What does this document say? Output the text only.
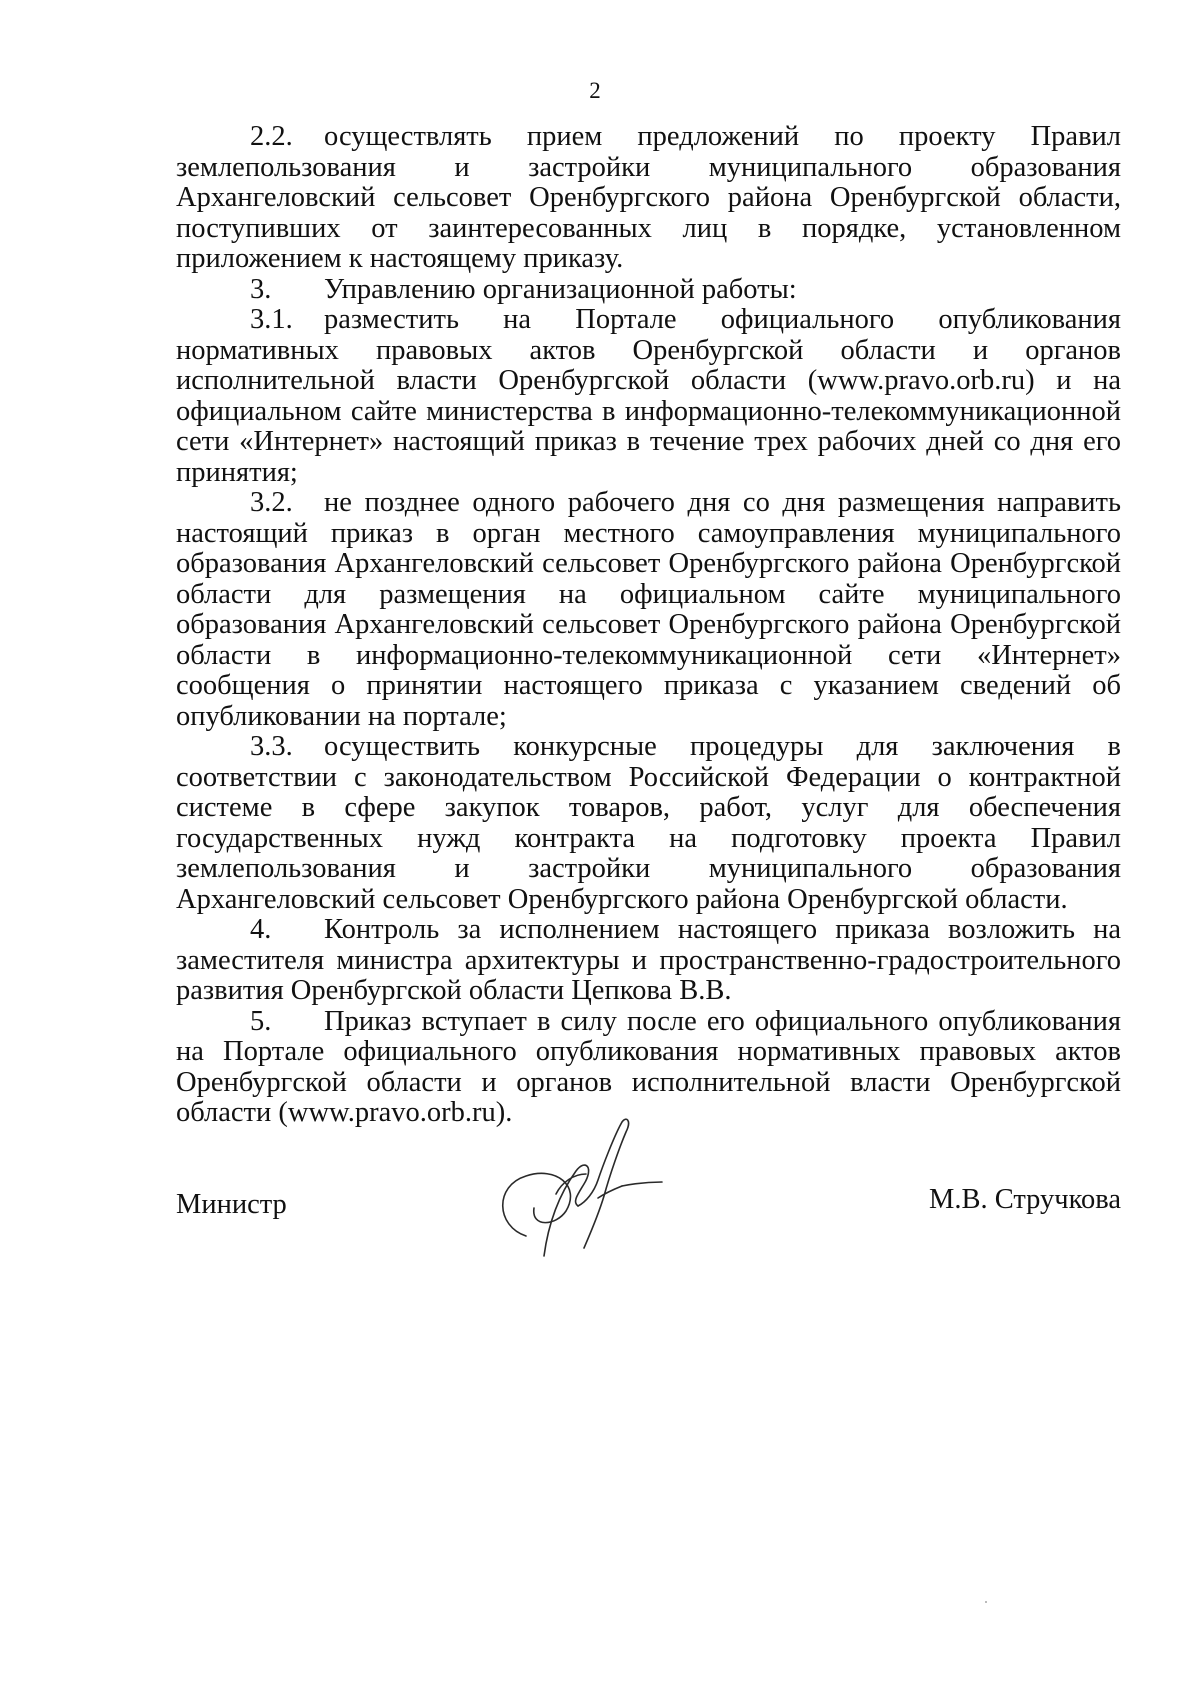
2

2.2. осуществлять прием предложений по проекту Правил землепользования и застройки муниципального образования Архангеловский сельсовет Оренбургского района Оренбургской области, поступивших от заинтересованных лиц в порядке, установленном приложением к настоящему приказу.

3. Управлению организационной работы:

3.1. разместить на Портале официального опубликования нормативных правовых актов Оренбургской области и органов исполнительной власти Оренбургской области (www.pravo.orb.ru) и на официальном сайте министерства в информационно-телекоммуникационной сети «Интернет» настоящий приказ в течение трех рабочих дней со дня его принятия;

3.2. не позднее одного рабочего дня со дня размещения направить настоящий приказ в орган местного самоуправления муниципального образования Архангеловский сельсовет Оренбургского района Оренбургской области для размещения на официальном сайте муниципального образования Архангеловский сельсовет Оренбургского района Оренбургской области в информационно-телекоммуникационной сети «Интернет» сообщения о принятии настоящего приказа с указанием сведений об опубликовании на портале;

3.3. осуществить конкурсные процедуры для заключения в соответствии с законодательством Российской Федерации о контрактной системе в сфере закупок товаров, работ, услуг для обеспечения государственных нужд контракта на подготовку проекта Правил землепользования и застройки муниципального образования Архангеловский сельсовет Оренбургского района Оренбургской области.

4. Контроль за исполнением настоящего приказа возложить на заместителя министра архитектуры и пространственно-градостроительного развития Оренбургской области Цепкова В.В.

5. Приказ вступает в силу после его официального опубликования на Портале официального опубликования нормативных правовых актов Оренбургской области и органов исполнительной власти Оренбургской области (www.pravo.orb.ru).

Министр	М.В. Стручкова
